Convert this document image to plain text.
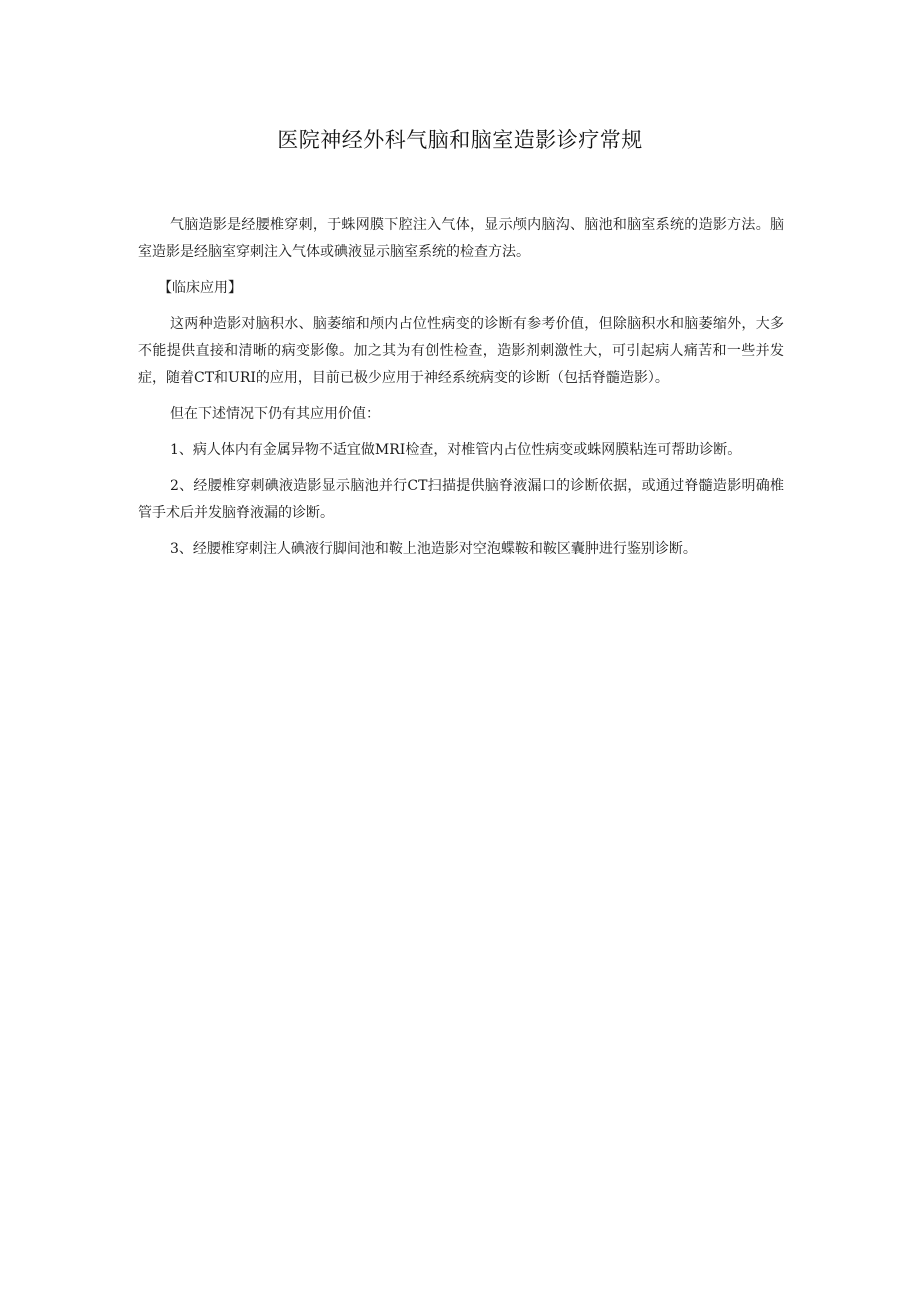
医院神经外科气脑和脑室造影诊疗常规

气脑造影是经腰椎穿刺，于蛛网膜下腔注入气体，显示颅内脑沟、脑池和脑室系统的造影方法。脑室造影是经脑室穿刺注入气体或碘液显示脑室系统的检查方法。

【临床应用】

这两种造影对脑积水、脑萎缩和颅内占位性病变的诊断有参考价值，但除脑积水和脑萎缩外，大多不能提供直接和清晰的病变影像。加之其为有创性检查，造影剂刺激性大，可引起病人痛苦和一些并发症，随着CT和URI的应用，目前已极少应用于神经系统病变的诊断（包括脊髓造影）。

但在下述情况下仍有其应用价值：

1、病人体内有金属异物不适宜做MRI检查，对椎管内占位性病变或蛛网膜粘连可帮助诊断。

2、经腰椎穿刺碘液造影显示脑池并行CT扫描提供脑脊液漏口的诊断依据，或通过脊髓造影明确椎管手术后并发脑脊液漏的诊断。

3、经腰椎穿刺注人碘液行脚间池和鞍上池造影对空泡蝶鞍和鞍区囊肿进行鉴别诊断。
